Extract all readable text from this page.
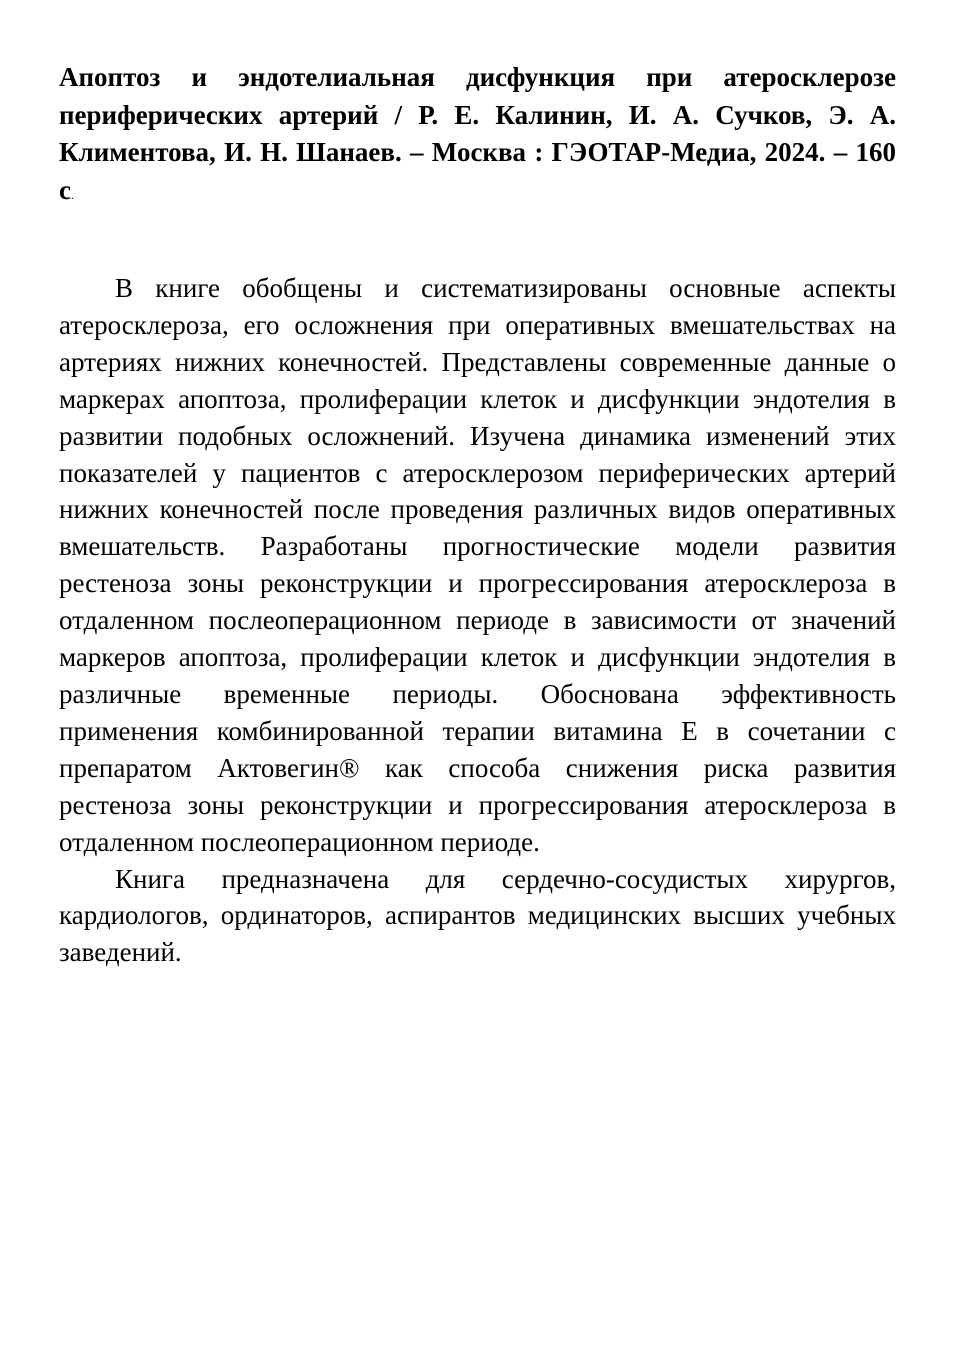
Апоптоз и эндотелиальная дисфункция при атеросклерозе периферических артерий / Р. Е. Калинин, И. А. Сучков, Э. А. Климентова, И. Н. Шанаев. – Москва : ГЭОТАР-Медиа, 2024. – 160 с.

В книге обобщены и систематизированы основные аспекты атеросклероза, его осложнения при оперативных вмешательствах на артериях нижних конечностей. Представлены современные данные о маркерах апоптоза, пролиферации клеток и дисфункции эндотелия в развитии подобных осложнений. Изучена динамика изменений этих показателей у пациентов с атеросклерозом периферических артерий нижних конечностей после проведения различных видов оперативных вмешательств. Разработаны прогностические модели развития рестеноза зоны реконструкции и прогрессирования атеросклероза в отдаленном послеоперационном периоде в зависимости от значений маркеров апоптоза, пролиферации клеток и дисфункции эндотелия в различные временные периоды. Обоснована эффективность применения комбинированной терапии витамина Е в сочетании с препаратом Актовегин® как способа снижения риска развития рестеноза зоны реконструкции и прогрессирования атеросклероза в отдаленном послеоперационном периоде.

Книга предназначена для сердечно-сосудистых хирургов, кардиологов, ординаторов, аспирантов медицинских высших учебных заведений.
